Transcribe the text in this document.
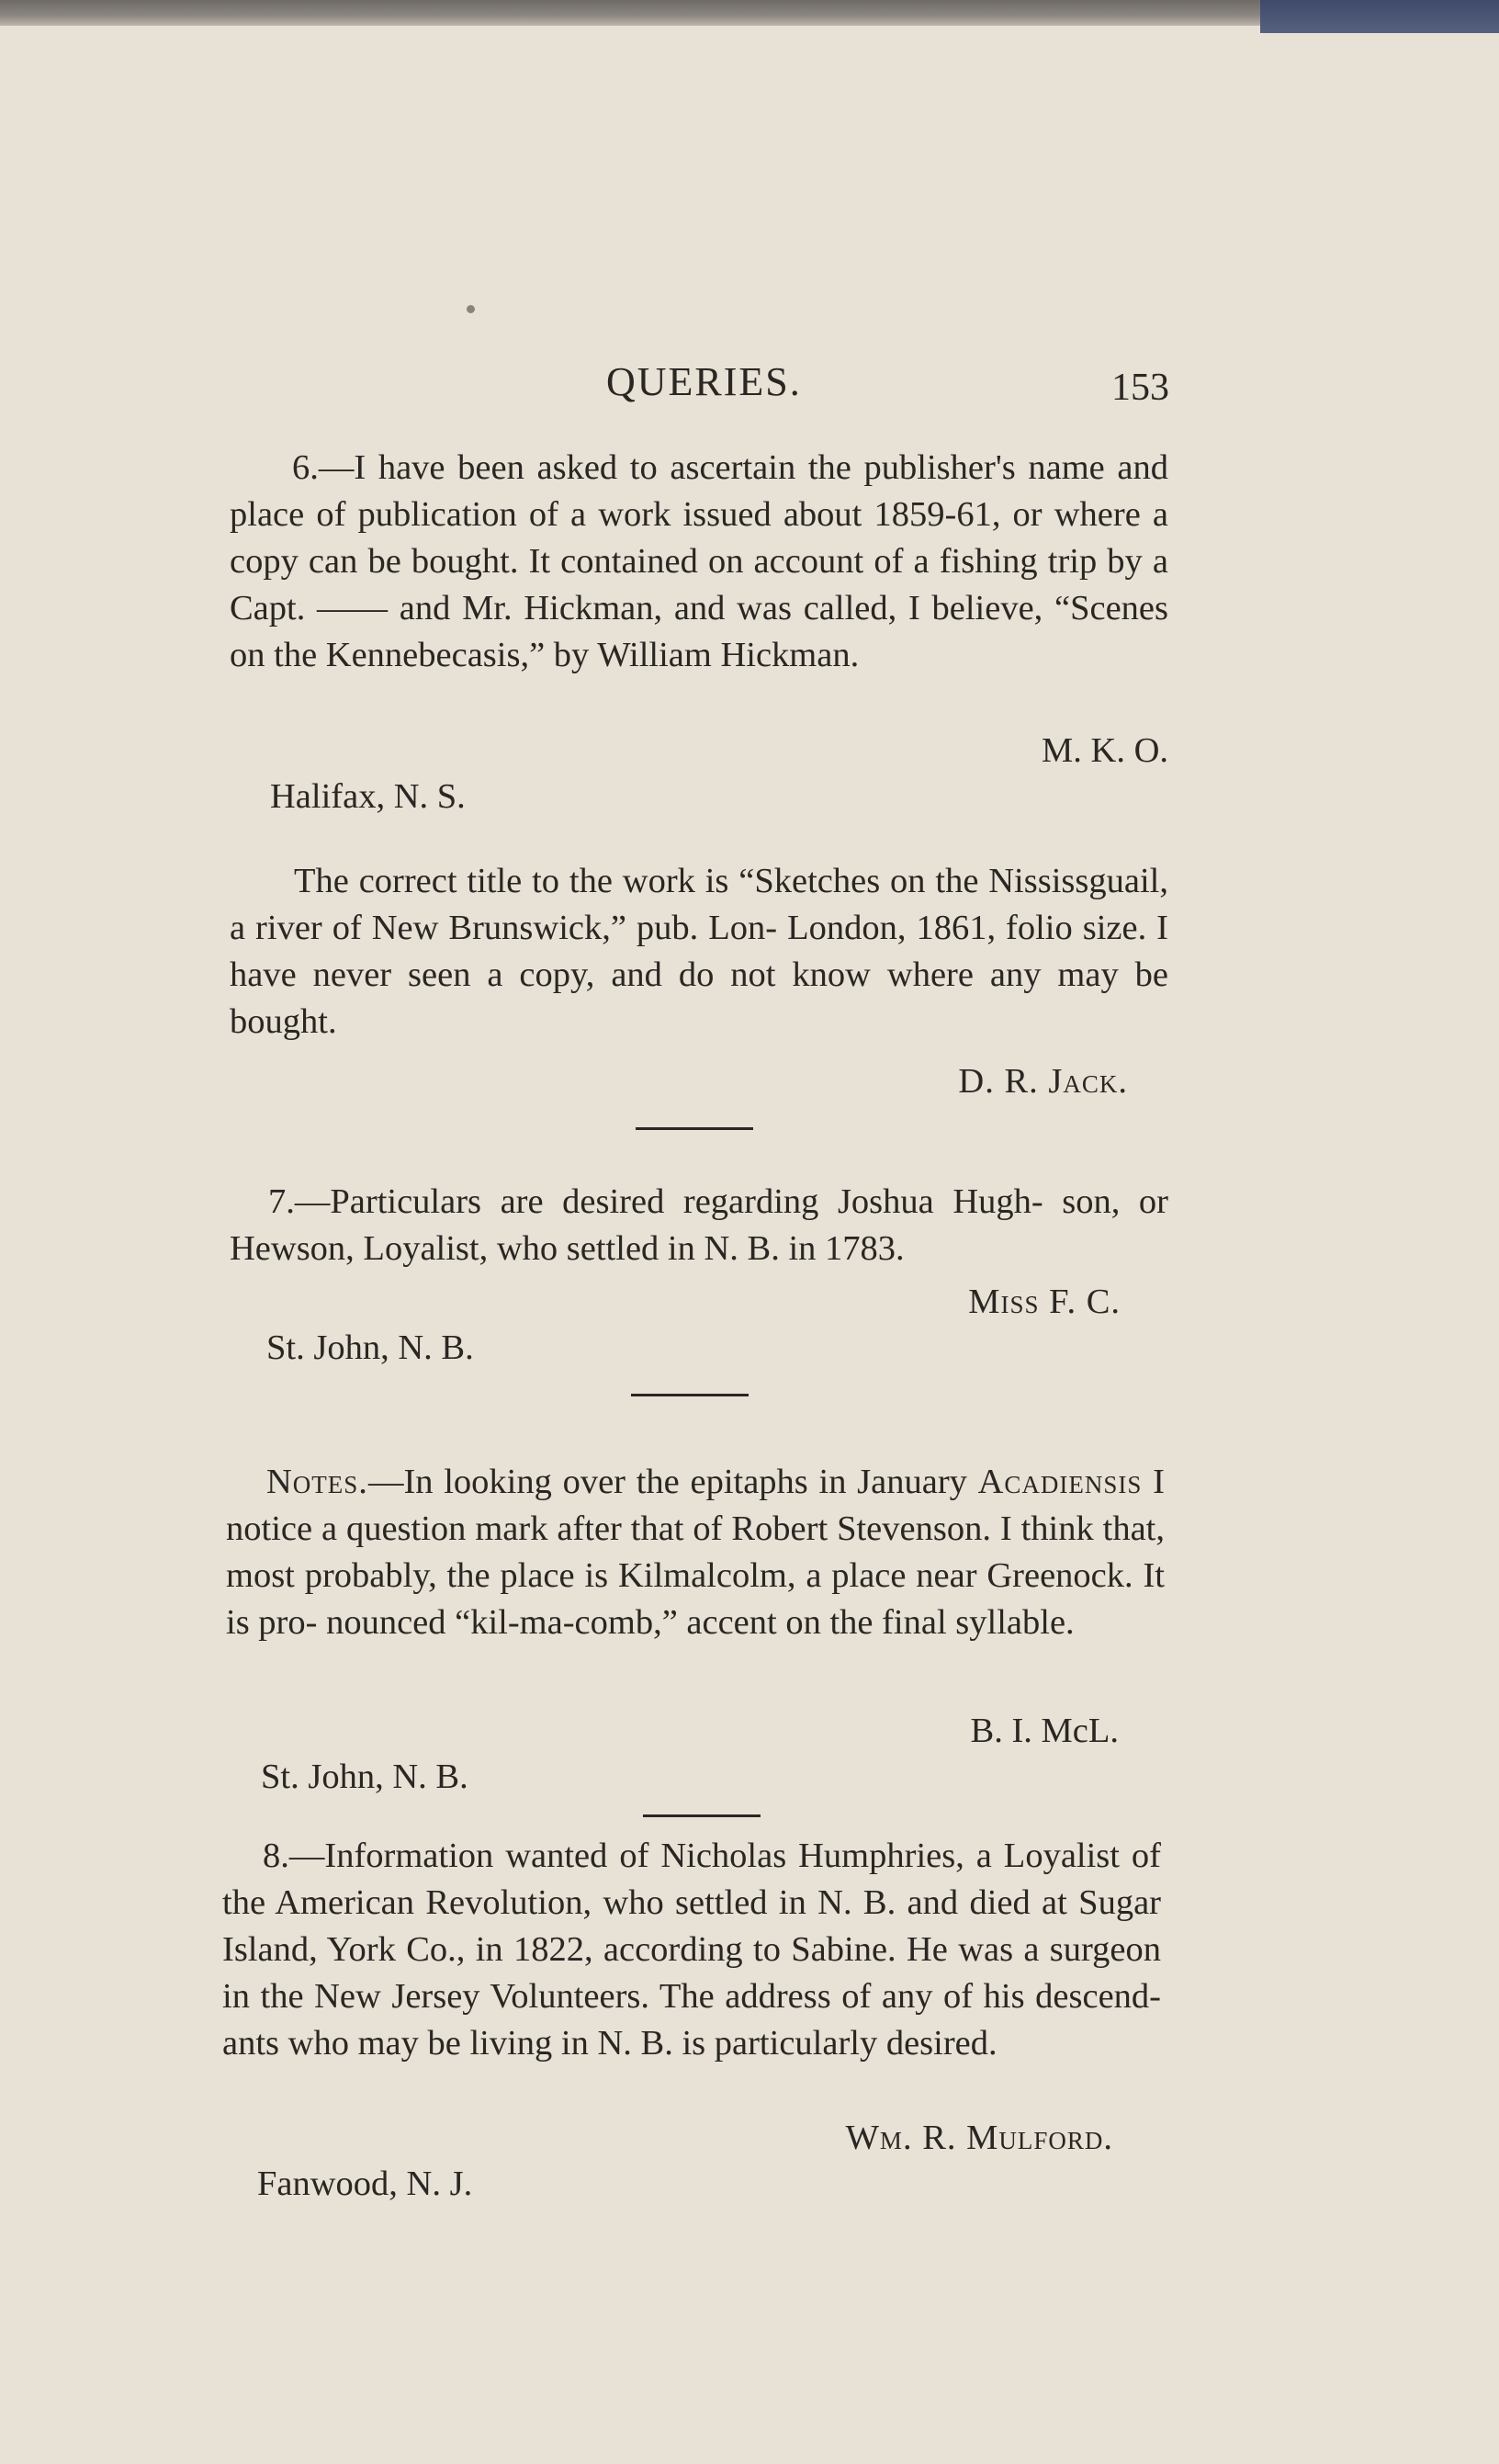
QUERIES.	153

6.—I have been asked to ascertain the publisher's name and place of publication of a work issued about 1859-61, or where a copy can be bought. It contained on account of a fishing trip by a Capt. —— and Mr. Hickman, and was called, I believe, “Scenes on the Kennebecasis,” by William Hickman.

M. K. O.
Halifax, N. S.

The correct title to the work is “Sketches on the Nississguail, a river of New Brunswick,” pub. Lon- London, 1861, folio size. I have never seen a copy, and do not know where any may be bought.

D. R. Jack.

7.—Particulars are desired regarding Joshua Hugh- son, or Hewson, Loyalist, who settled in N. B. in 1783.

Miss F. C.
St. John, N. B.

Notes.—In looking over the epitaphs in January Acadiensis I notice a question mark after that of Robert Stevenson. I think that, most probably, the place is Kilmalcolm, a place near Greenock. It is pro- nounced “kil-ma-comb,” accent on the final syllable.

B. I. McL.
St. John, N. B.

8.—Information wanted of Nicholas Humphries, a Loyalist of the American Revolution, who settled in N. B. and died at Sugar Island, York Co., in 1822, according to Sabine. He was a surgeon in the New Jersey Volunteers. The address of any of his descend- ants who may be living in N. B. is particularly desired.

Wm. R. Mulford.
Fanwood, N. J.
